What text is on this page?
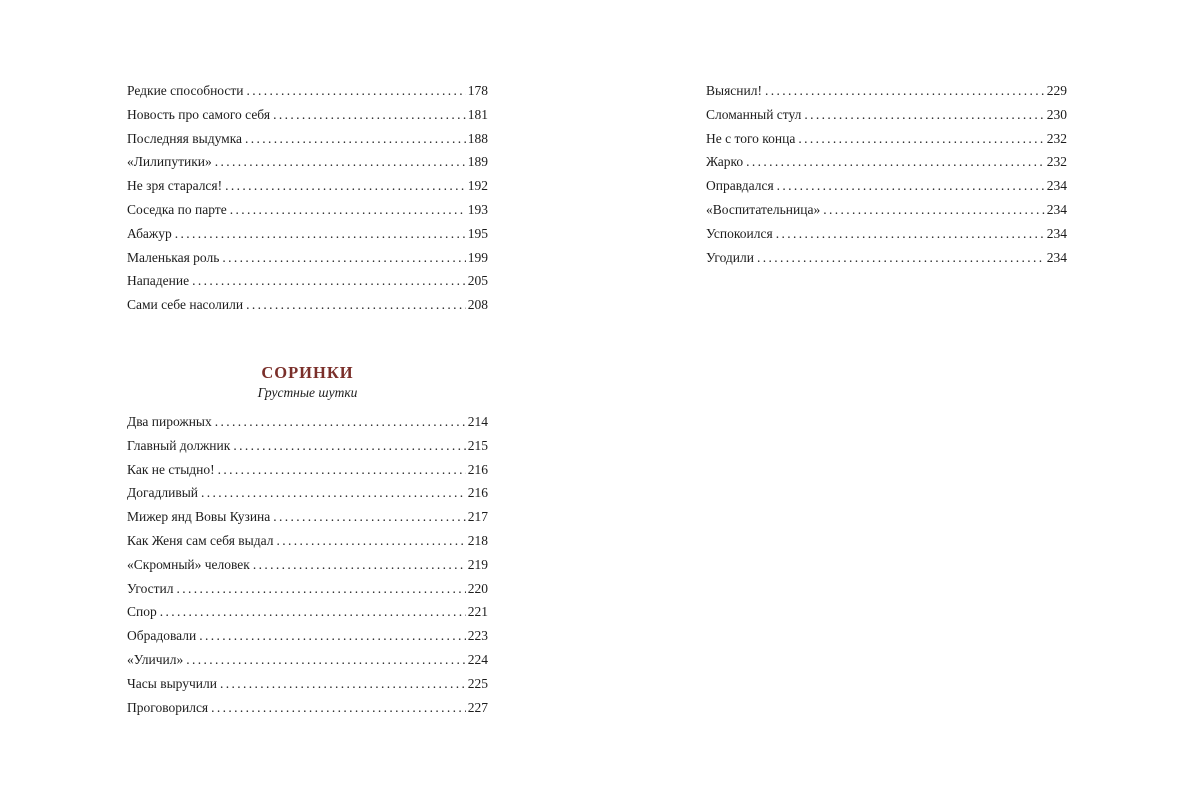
Редкие способности . . .	178
Новость про самого себя . . .	181
Последняя выдумка . . .	188
«Лилипутики» . . .	189
Не зря старался! . . .	192
Соседка по парте . . .	193
Абажур . . .	195
Маленькая роль . . .	199
Нападение . . .	205
Сами себе насолили . . .	208
СОРИНКИ
Грустные шутки
Два пирожных . . .	214
Главный должник . . .	215
Как не стыдно! . . .	216
Догадливый . . .	216
Мижер янд Вовы Кузина . . .	217
Как Женя сам себя выдал . . .	218
«Скромный» человек . . .	219
Угостил . . .	220
Спор . . .	221
Обрадовали . . .	223
«Уличил» . . .	224
Часы выручили . . .	225
Проговорился . . .	227
Выяснил! . . .	229
Сломанный стул . . .	230
Не с того конца . . .	232
Жарко . . .	232
Оправдался . . .	234
«Воспитательница» . . .	234
Успокоился . . .	234
Угодили . . .	234
